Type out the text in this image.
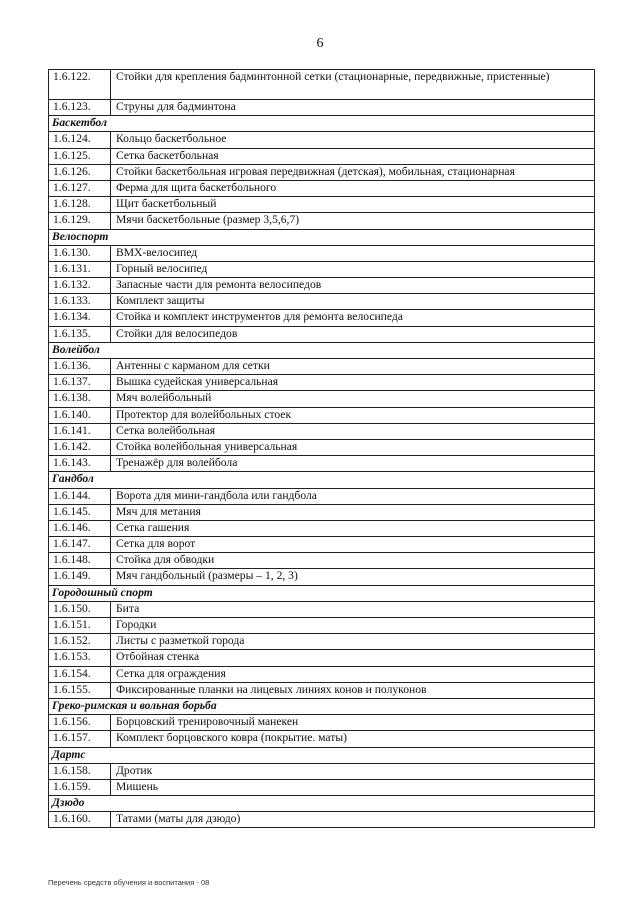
6
1.6.122.	Стойки для крепления бадминтонной сетки (стационарные, передвижные, пристенные)
1.6.123.	Струны для бадминтона
Баскетбол	
1.6.124.	Кольцо баскетбольное
1.6.125.	Сетка баскетбольная
1.6.126.	Стойки баскетбольная игровая передвижная (детская), мобильная, стационарная
1.6.127.	Ферма для щита баскетбольного
1.6.128.	Щит баскетбольный
1.6.129.	Мячи баскетбольные (размер 3,5,6,7)
Велоспорт	
1.6.130.	ВМХ-велосипед
1.6.131.	Горный велосипед
1.6.132.	Запасные части для ремонта велосипедов
1.6.133.	Комплект защиты
1.6.134.	Стойка и комплект инструментов для ремонта велосипеда
1.6.135.	Стойки для велосипедов
Волейбол	
1.6.136.	Антенны с карманом для сетки
1.6.137.	Вышка судейская универсальная
1.6.138.	Мяч волейбольный
1.6.140.	Протектор для волейбольных стоек
1.6.141.	Сетка волейбольная
1.6.142.	Стойка волейбольная универсальная
1.6.143.	Тренажёр для волейбола
Гандбол	
1.6.144.	Ворота для мини-гандбола или гандбола
1.6.145.	Мяч для метания
1.6.146.	Сетка гашения
1.6.147.	Сетка для ворот
1.6.148.	Стойка для обводки
1.6.149.	Мяч гандбольный (размеры – 1, 2, 3)
Городошный спорт	
1.6.150.	Бита
1.6.151.	Городки
1.6.152.	Листы с разметкой города
1.6.153.	Отбойная стенка
1.6.154.	Сетка для ограждения
1.6.155.	Фиксированные планки на лицевых линиях конов и полуконов
Греко-римская и вольная борьба	
1.6.156.	Борцовский тренировочный манекен
1.6.157.	Комплект борцовского ковра (покрытие. маты)
Дартс	
1.6.158.	Дротик
1.6.159.	Мишень
Дзюдо	
1.6.160.	Татами (маты для дзюдо)
Перечень средств обучения и воспитания - 08
